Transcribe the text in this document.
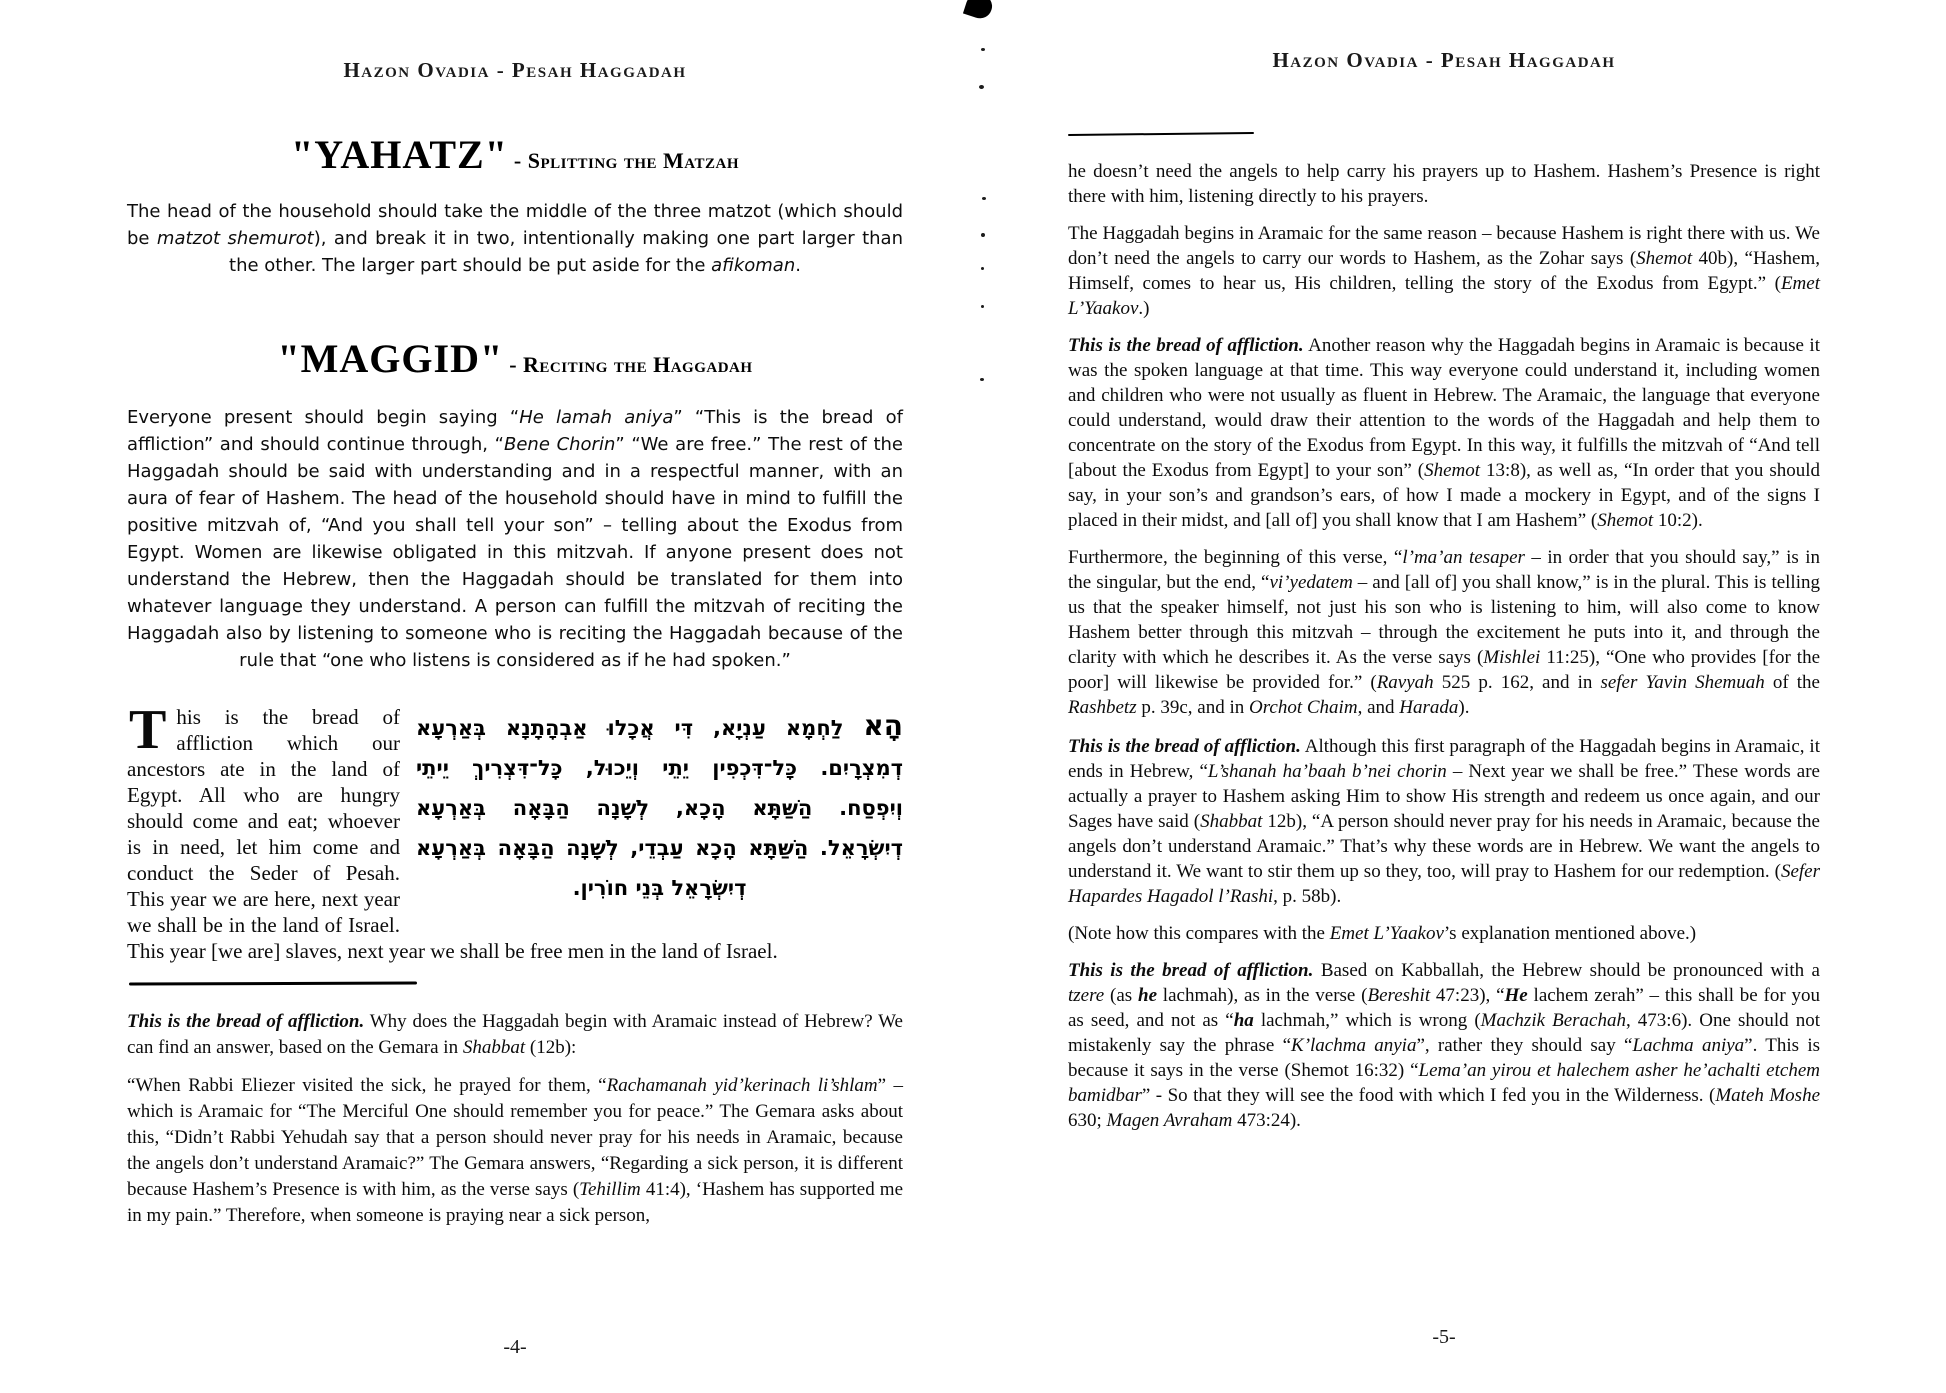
Hazon Ovadia - Pesah Haggadah
"YAHATZ" - Splitting the Matzah

The head of the household should take the middle of the three matzot (which should be matzot shemurot), and break it in two, intentionally making one part larger than the other. The larger part should be put aside for the afikoman.

"MAGGID" - Reciting the Haggadah

Everyone present should begin saying “He lamah aniya” “This is the bread of affliction” and should continue through, “Bene Chorin” “We are free.” The rest of the Haggadah should be said with understanding and in a respectful manner, with an aura of fear of Hashem. The head of the household should have in mind to fulfill the positive mitzvah of, “And you shall tell your son” – telling about the Exodus from Egypt. Women are likewise obligated in this mitzvah. If anyone present does not understand the Hebrew, then the Haggadah should be translated for them into whatever language they understand. A person can fulfill the mitzvah of reciting the Haggadah also by listening to someone who is reciting the Haggadah because of the rule that “one who listens is considered as if he had spoken.”

הָא לַחְמָא עַנְיָא, דִּי אֲכָלוּ אַבְהָתָנָא בְּאַרְעָא
דְמִצְרָיִם. כָּל־דִּכְפִין יֵתֵי וְיֵכוּל, כָּל־דִּצְרִיךְ יֵיתֵי
וְיִפְסַח. הַשַּׁתָּא הָכָא, לְשָׁנָה הַבָּאָה בְּאַרְעָא
דְיִשְׂרָאֵל. הַשַּׁתָּא הָכָא עַבְדֵי, לְשָׁנָה הַבָּאָה בְּאַרְעָא
דְיִשְׂרָאֵל בְּנֵי חוֹרִין.
T his is the bread of affliction which our ancestors ate in the land of Egypt. All who are hungry should come and eat; whoever is in need, let him come and conduct the Seder of Pesah. This year we are here, next year we shall be in the land of Israel. This year [we are] slaves, next year we shall be free men in the land of Israel.

This is the bread of affliction. Why does the Haggadah begin with Aramaic instead of Hebrew? We can find an answer, based on the Gemara in Shabbat (12b):

“When Rabbi Eliezer visited the sick, he prayed for them, “Rachamanah yid’kerinach li’shlam” – which is Aramaic for “The Merciful One should remember you for peace.” The Gemara asks about this, “Didn’t Rabbi Yehudah say that a person should never pray for his needs in Aramaic, because the angels don’t understand Aramaic?” The Gemara answers, “Regarding a sick person, it is different because Hashem’s Presence is with him, as the verse says (Tehillim 41:4), ‘Hashem has supported me in my pain.” Therefore, when someone is praying near a sick person,

-4-
Hazon Ovadia - Pesah Haggadah

he doesn’t need the angels to help carry his prayers up to Hashem. Hashem’s Presence is right there with him, listening directly to his prayers.

The Haggadah begins in Aramaic for the same reason – because Hashem is right there with us. We don’t need the angels to carry our words to Hashem, as the Zohar says (Shemot 40b), “Hashem, Himself, comes to hear us, His children, telling the story of the Exodus from Egypt.” (Emet L’Yaakov.)

This is the bread of affliction. Another reason why the Haggadah begins in Aramaic is because it was the spoken language at that time. This way everyone could understand it, including women and children who were not usually as fluent in Hebrew. The Aramaic, the language that everyone could understand, would draw their attention to the words of the Haggadah and help them to concentrate on the story of the Exodus from Egypt. In this way, it fulfills the mitzvah of “And tell [about the Exodus from Egypt] to your son” (Shemot 13:8), as well as, “In order that you should say, in your son’s and grandson’s ears, of how I made a mockery in Egypt, and of the signs I placed in their midst, and [all of] you shall know that I am Hashem” (Shemot 10:2).

Furthermore, the beginning of this verse, “l’ma’an tesaper – in order that you should say,” is in the singular, but the end, “vi’yedatem – and [all of] you shall know,” is in the plural. This is telling us that the speaker himself, not just his son who is listening to him, will also come to know Hashem better through this mitzvah – through the excitement he puts into it, and through the clarity with which he describes it. As the verse says (Mishlei 11:25), “One who provides [for the poor] will likewise be provided for.” (Ravyah 525 p. 162, and in sefer Yavin Shemuah of the Rashbetz p. 39c, and in Orchot Chaim, and Harada).

This is the bread of affliction. Although this first paragraph of the Haggadah begins in Aramaic, it ends in Hebrew, “L’shanah ha’baah b’nei chorin – Next year we shall be free.” These words are actually a prayer to Hashem asking Him to show His strength and redeem us once again, and our Sages have said (Shabbat 12b), “A person should never pray for his needs in Aramaic, because the angels don’t understand Aramaic.” That’s why these words are in Hebrew. We want the angels to understand it. We want to stir them up so they, too, will pray to Hashem for our redemption. (Sefer Hapardes Hagadol l’Rashi, p. 58b).

(Note how this compares with the Emet L’Yaakov’s explanation mentioned above.)

This is the bread of affliction. Based on Kabballah, the Hebrew should be pronounced with a tzere (as he lachmah), as in the verse (Bereshit 47:23), “He lachem zerah” – this shall be for you as seed, and not as “ha lachmah,” which is wrong (Machzik Berachah, 473:6). One should not mistakenly say the phrase “K’lachma anyia”, rather they should say “Lachma aniya”. This is because it says in the verse (Shemot 16:32) “Lema’an yirou et halechem asher he’achalti etchem bamidbar” - So that they will see the food with which I fed you in the Wilderness. (Mateh Moshe 630; Magen Avraham 473:24).

-5-
